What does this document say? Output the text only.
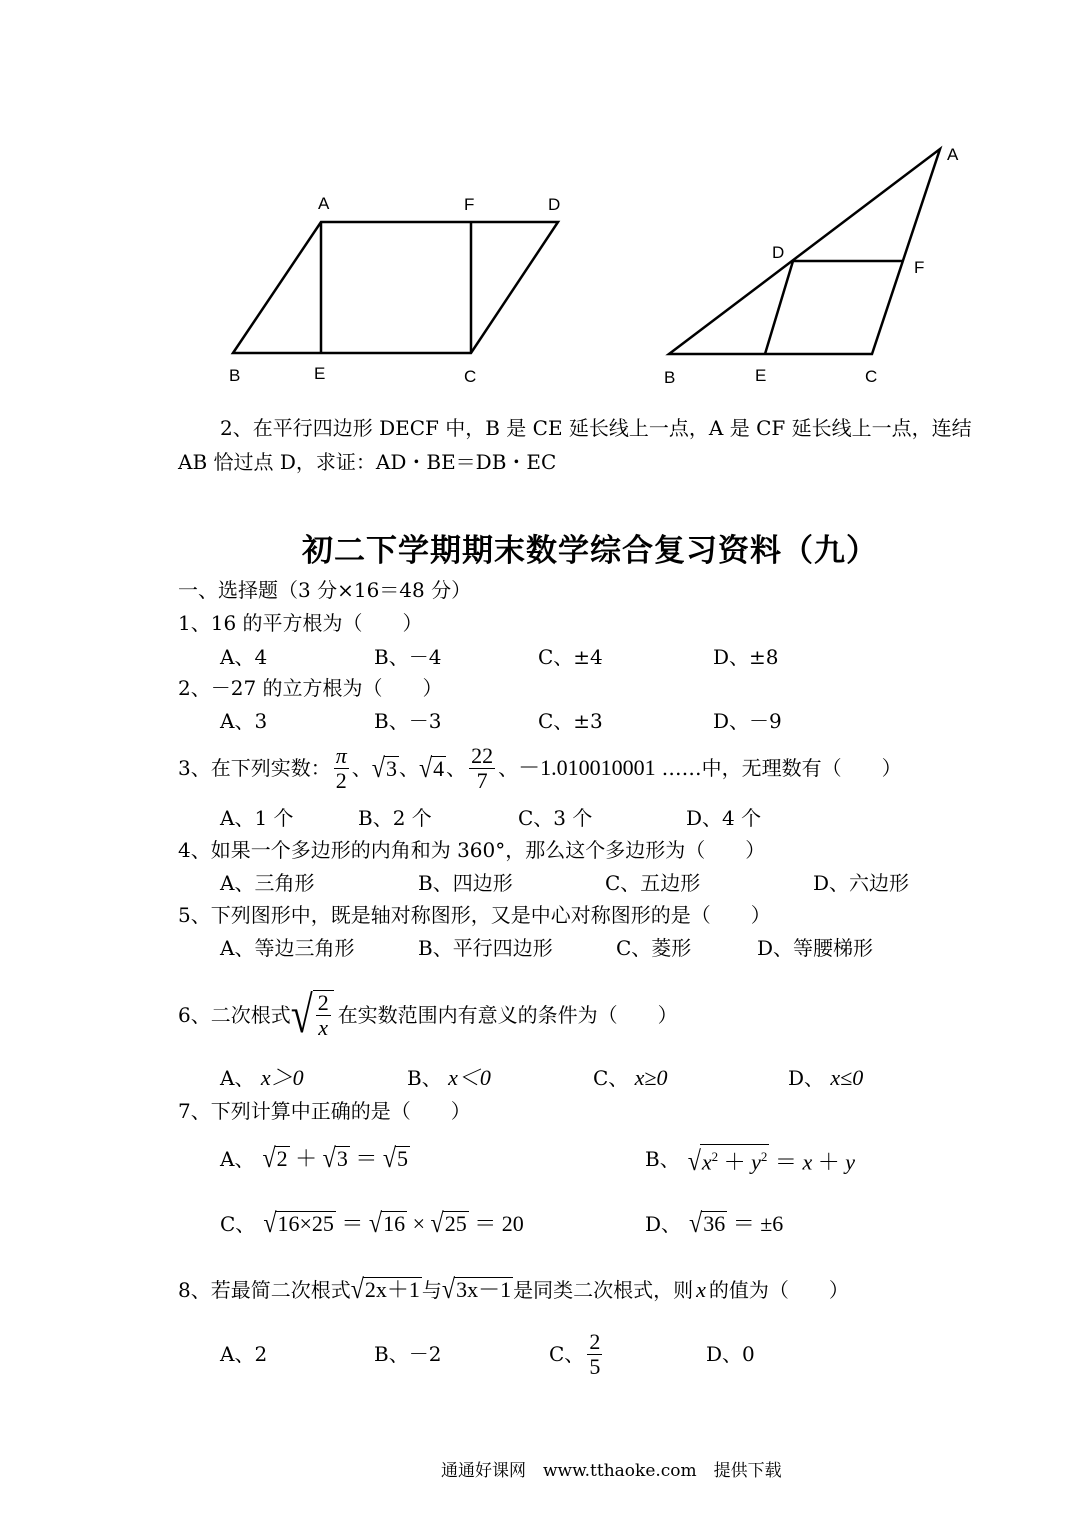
A	F	D
B	E	C
A
D
F
B	E	C
2、在平行四边形 DECF 中，B 是 CE 延长线上一点，A 是 CF 延长线上一点，连结
AB 恰过点 D，求证：AD・BE＝DB・EC
初二下学期期末数学综合复习资料（九）
一、选择题（3 分×16＝48 分）
1、16 的平方根为（　　）
A、4	B、－4	C、±4	D、±8
2、－27 的立方根为（　　）
A、3	B、－3	C、±3	D、－9
3、在下列实数： $\frac{\pi}{2}$ 、 √3 、 √4 、 $\frac{22}{7}$ 、 －1.010010001 ……中，无理数有（　　）
A、1 个	B、2 个	C、3 个	D、4 个
4、如果一个多边形的内角和为 360°，那么这个多边形为（　　）
A、三角形	B、四边形	C、五边形	D、六边形
5、下列图形中，既是轴对称图形，又是中心对称图形的是（　　）
A、等边三角形	B、平行四边形	C、菱形	D、等腰梯形
6、二次根式 √ $\frac{2}{x}$ 在实数范围内有意义的条件为（　　）
A、 x＞0	B、 x＜0	C、 x≥0	D、 x≤0
7、下列计算中正确的是（　　）
A、 √2 ＋ √3 ＝ √5	B、 $√x^2 + y^2 = x + y$
C、 √16×25 ＝ √16 × √25 ＝ 20	D、 √36 ＝ ±6
8、若最简二次根式 √2x＋1 与 √3x－1 是同类二次根式，则 x 的值为（　　）
A、2	B、－2	C、 $\frac{2}{5}$	D、0
通通好课网　www.tthaoke.com　提供下载
